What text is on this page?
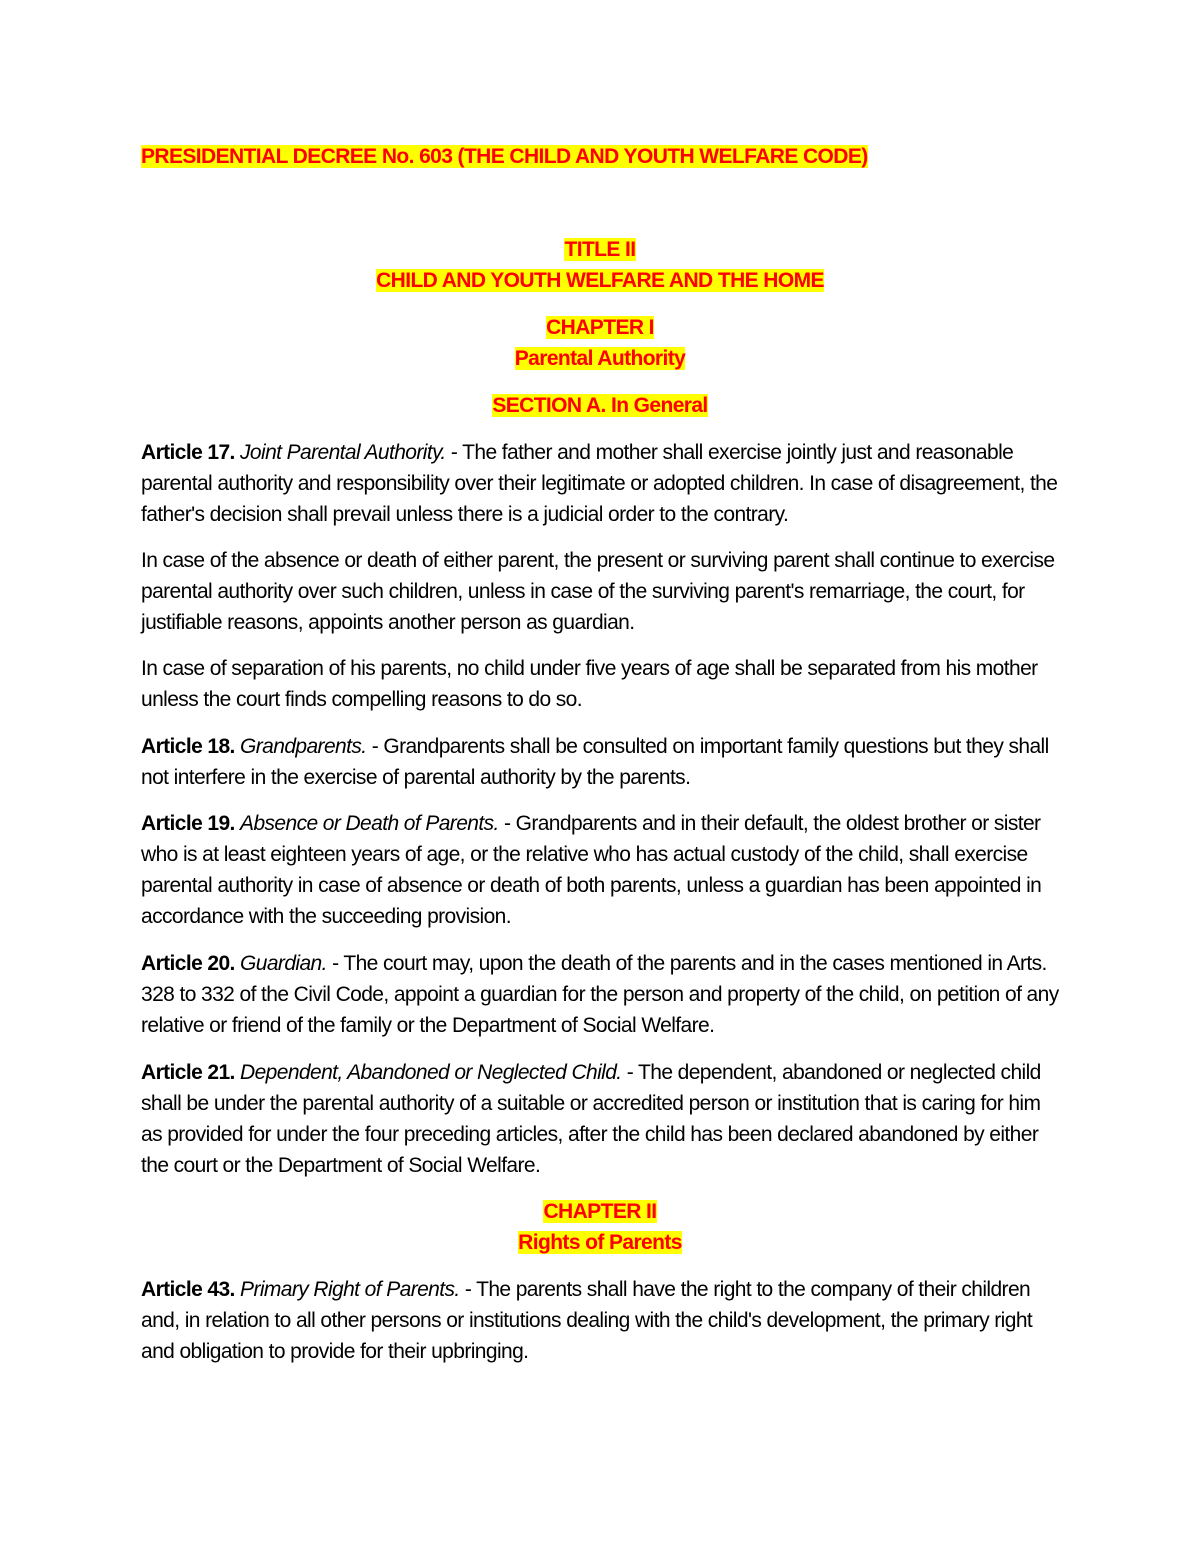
PRESIDENTIAL DECREE No. 603 (THE CHILD AND YOUTH WELFARE CODE)
TITLE II
CHILD AND YOUTH WELFARE AND THE HOME
CHAPTER I
Parental Authority
SECTION A. In General

Article 17. Joint Parental Authority. - The father and mother shall exercise jointly just and reasonable parental authority and responsibility over their legitimate or adopted children. In case of disagreement, the father's decision shall prevail unless there is a judicial order to the contrary.

In case of the absence or death of either parent, the present or surviving parent shall continue to exercise parental authority over such children, unless in case of the surviving parent's remarriage, the court, for justifiable reasons, appoints another person as guardian.

In case of separation of his parents, no child under five years of age shall be separated from his mother unless the court finds compelling reasons to do so.

Article 18. Grandparents. - Grandparents shall be consulted on important family questions but they shall not interfere in the exercise of parental authority by the parents.

Article 19. Absence or Death of Parents. - Grandparents and in their default, the oldest brother or sister who is at least eighteen years of age, or the relative who has actual custody of the child, shall exercise parental authority in case of absence or death of both parents, unless a guardian has been appointed in accordance with the succeeding provision.

Article 20. Guardian. - The court may, upon the death of the parents and in the cases mentioned in Arts. 328 to 332 of the Civil Code, appoint a guardian for the person and property of the child, on petition of any relative or friend of the family or the Department of Social Welfare.

Article 21. Dependent, Abandoned or Neglected Child. - The dependent, abandoned or neglected child shall be under the parental authority of a suitable or accredited person or institution that is caring for him as provided for under the four preceding articles, after the child has been declared abandoned by either the court or the Department of Social Welfare.

CHAPTER II
Rights of Parents

Article 43. Primary Right of Parents. - The parents shall have the right to the company of their children and, in relation to all other persons or institutions dealing with the child's development, the primary right and obligation to provide for their upbringing.
